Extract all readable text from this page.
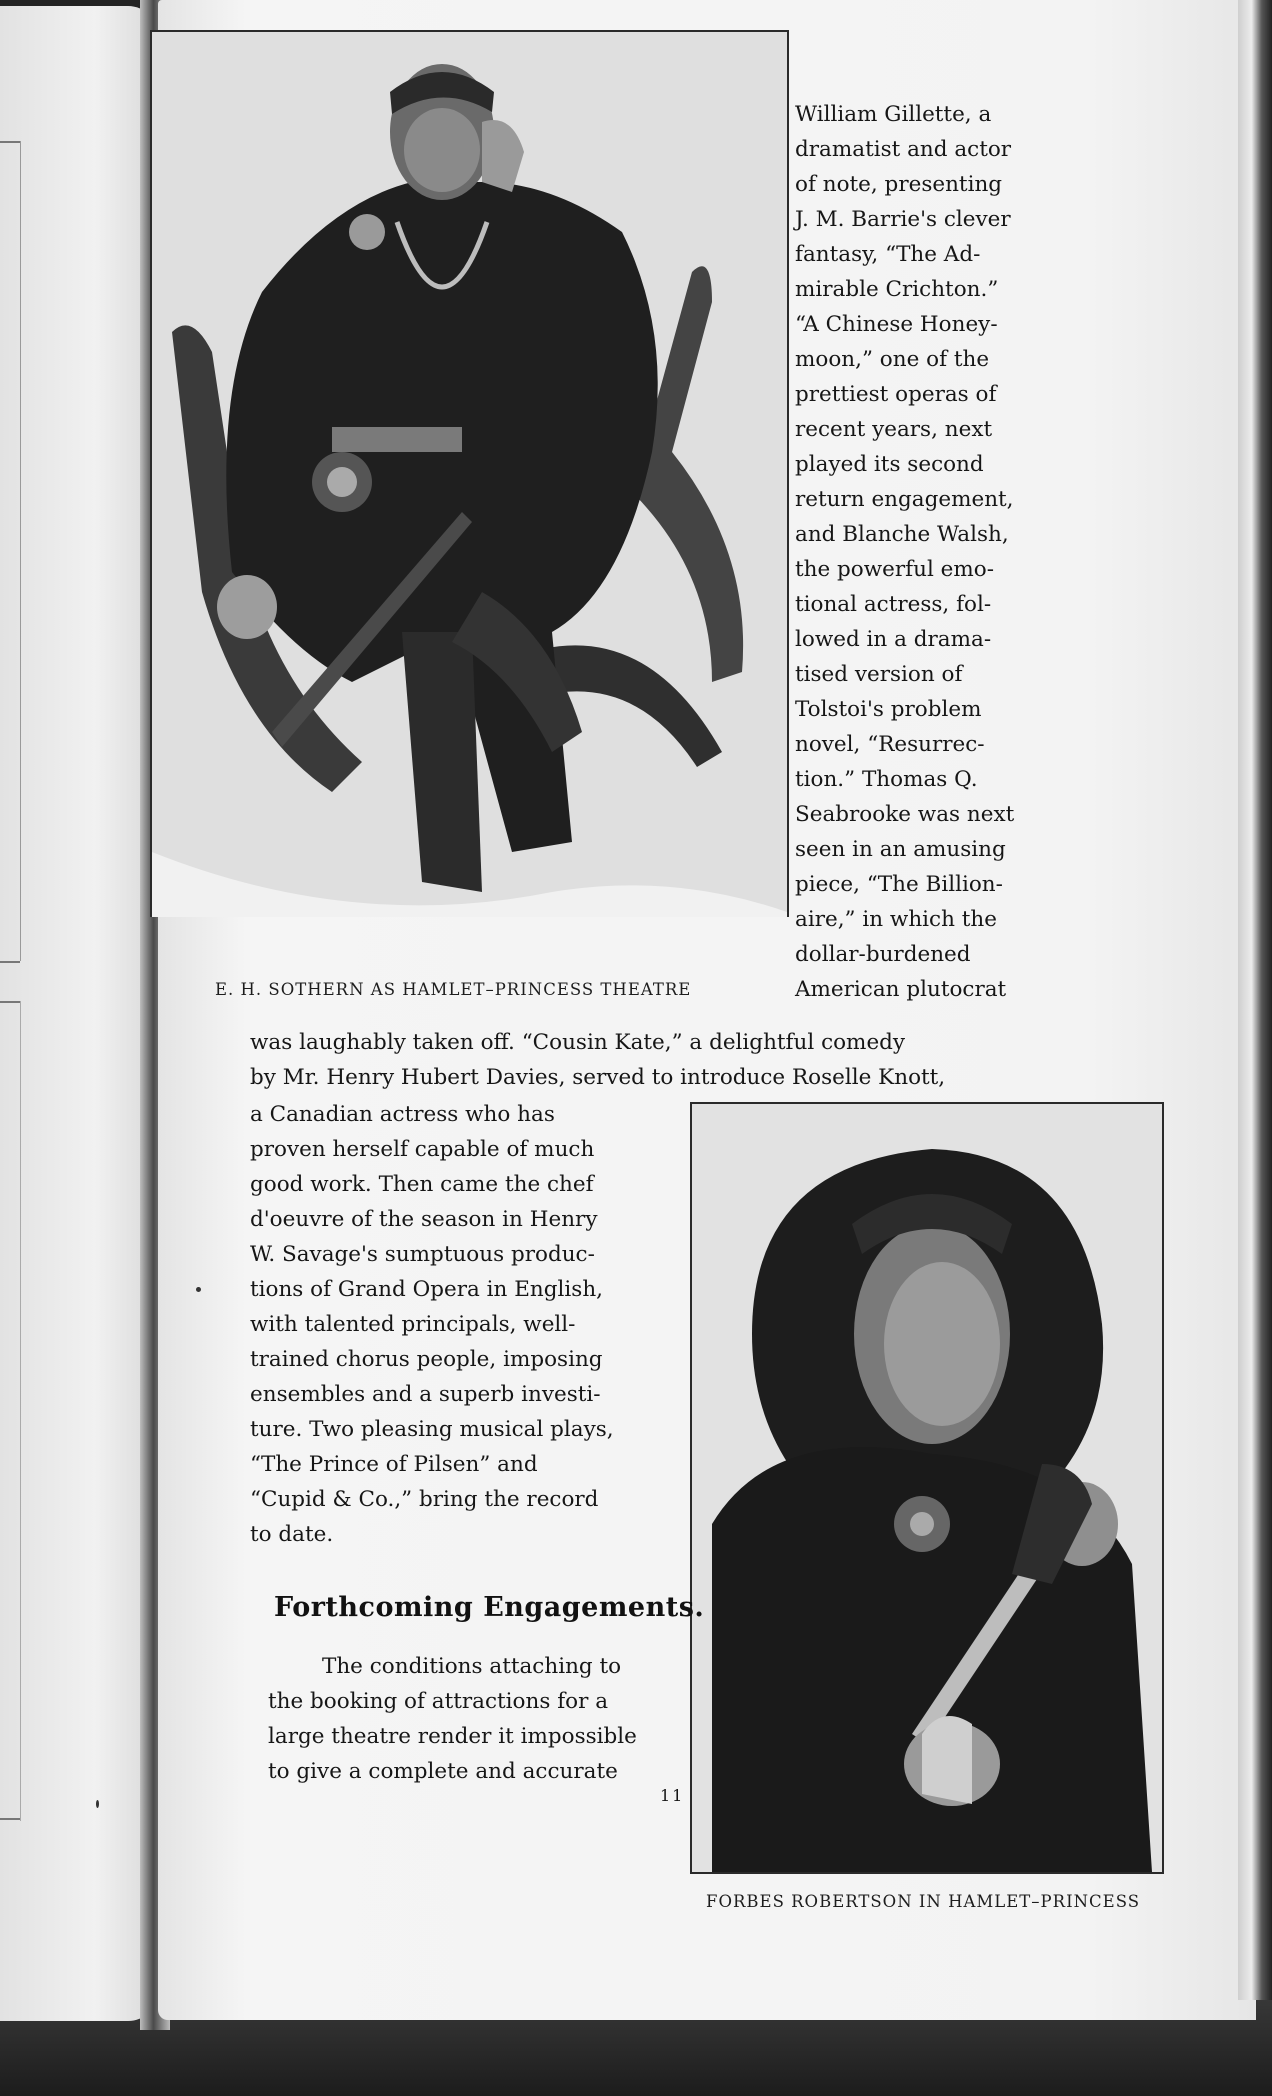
E. H. SOTHERN AS HAMLET–PRINCESS THEATRE

William Gillette, a

dramatist and actor

of note, presenting

J. M. Barrie's clever

fantasy, “The Ad-

mirable Crichton.”

“A Chinese Honey-

moon,” one of the

prettiest operas of

recent years, next

played its second

return engagement,

and Blanche Walsh,

the powerful emo-

tional actress, fol-

lowed in a drama-

tised version of

Tolstoi's problem

novel, “Resurrec-

tion.” Thomas Q.

Seabrooke was next

seen in an amusing

piece, “The Billion-

aire,” in which the

dollar-burdened

American plutocrat

was laughably taken off. “Cousin Kate,” a delightful comedy

by Mr. Henry Hubert Davies, served to introduce Roselle Knott,

FORBES ROBERTSON IN HAMLET–PRINCESS

a Canadian actress who has

proven herself capable of much

good work. Then came the chef

d'oeuvre of the season in Henry

W. Savage's sumptuous produc-

tions of Grand Opera in English,

with talented principals, well-

trained chorus people, imposing

ensembles and a superb investi-

ture. Two pleasing musical plays,

“The Prince of Pilsen” and

“Cupid & Co.,” bring the record

to date.

Forthcoming Engagements.

The conditions attaching to

the booking of attractions for a

large theatre render it impossible

to give a complete and accurate

11
